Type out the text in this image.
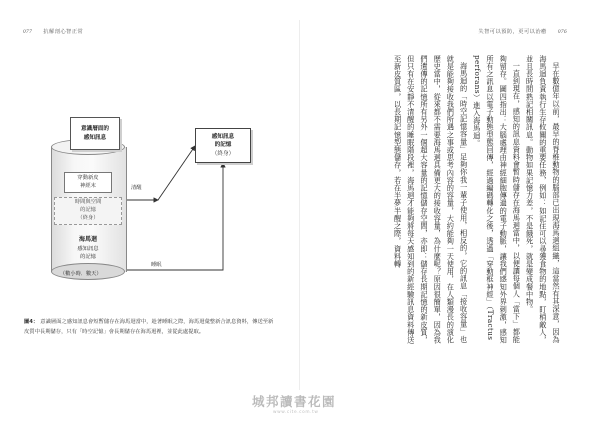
077 抗解剖心智正常	失智可以預防，更可以治癒 076
意識層面的
感知訊息
穿動新皮
神經末
時間與空間
的記憶
（終身）
海馬迴
感知訊息
的記憶
（數小時．數天）
感知訊息
的記憶
（終身）
清醒
睡眠
圖4： 意識層面之感知訊息會短暫儲存在海馬迴當中，趁著睡眠之際，海馬迴彙整新合訊息資料，傳送至新皮質中長期儲存，只有「時空記憶」會長期儲存在海馬迴裡，並從此處提取。	早在數億年以前，最早的脊椎動物的腦部已出現海馬迴組織，這當然有其深意，因為海馬迴負責執行生存攸關的重要任務，例如：如記住可以尋獲食物的地點，盯梢敵人，並且長時間熟記相關訊息。動物如果記憶力差，不是餓死，就是變成餐中物。

一直到現在，感知的訊息資料會暫時儲存在海馬迴當中，以便讓每個人「當下」都能夠留存。圖四指出：大腦處理由神經細胞傳過的電子動脈，讓我們感知外界刺激，感知所有之訊息以電子動態型態回傳，經過編碼轉化之後，透過「穿動框神經」（Tractus perforans）進入海馬迴。

海馬迴的「時空記憶容量」足夠你我一輩子使用，相反的，它的訊息「接收容量」也就是能夠接收我們所遇之事或思考內容的容量，大約能夠一天使用，在人類漫長的演化歷史當中，從來都不需要海馬迴具備更大的接收容量，為什麼呢？原因很簡單，因為我們遺傳的記憶所有另外一個超大容量的記憶儲存空間，亦即：儲存長期記憶的新皮質，但只有在安靜不清醒的睡眠階段裡，海馬迴才能夠將每天感知到的新經驗訊息資料傳送至新皮質區，以長期記憶型態儲存，若在半夢半醒之際，資料轉

城邦讀書花園
www.cite.com.tw
